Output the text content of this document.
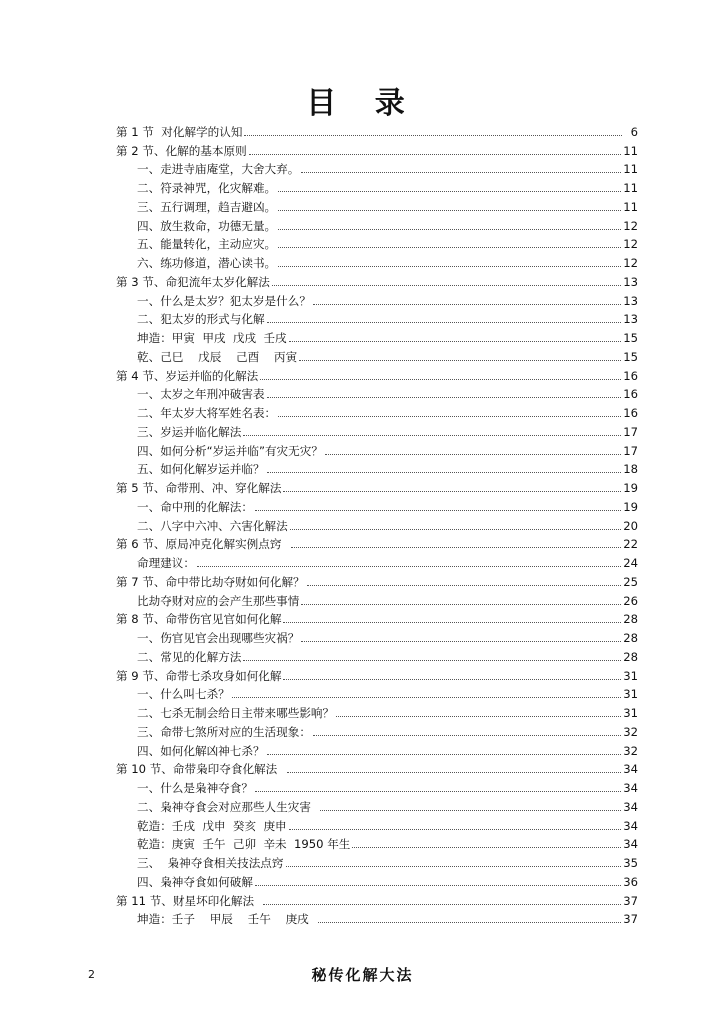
目 录
第 1 节  对化解学的认知	6
第 2 节、化解的基本原则	11
一、走进寺庙庵堂，大舍大弃。	11
二、符录神咒，化灾解难。	11
三、五行调理，趋吉避凶。	11
四、放生救命，功德无量。	12
五、能量转化，主动应灾。	12
六、练功修道，潜心读书。	12
第 3 节、命犯流年太岁化解法	13
一、什么是太岁？犯太岁是什么？	13
二、犯太岁的形式与化解	13
坤造：甲寅  甲戌  戊戌  壬戌	15
乾、己巳    戊辰    己酉    丙寅	15
第 4 节、岁运并临的化解法	16
一、太岁之年刑冲破害表	16
二、年太岁大将军姓名表：	16
三、岁运并临化解法	17
四、如何分析“岁运并临”有灾无灾？	17
五、如何化解岁运并临？	18
第 5 节、命带刑、冲、穿化解法	19
一、命中刑的化解法：	19
二、八字中六冲、六害化解法	20
第 6 节、原局冲克化解实例点窍	22
命理建议：	24
第 7 节、命中带比劫夺财如何化解？	25
比劫夺财对应的会产生那些事情	26
第 8 节、命带伤官见官如何化解	28
一、伤官见官会出现哪些灾祸？	28
二、常见的化解方法	28
第 9 节、命带七杀攻身如何化解	31
一、什么叫七杀？	31
二、七杀无制会给日主带来哪些影响？	31
三、命带七煞所对应的生活现象：	32
四、如何化解凶神七杀？	32
第 10 节、命带枭印夺食化解法	34
一、什么是枭神夺食？	34
二、枭神夺食会对应那些人生灾害	34
乾造：壬戌  戊申  癸亥  庚申	34
乾造：庚寅  壬午  己卯  辛未  1950 年生	34
三、  枭神夺食相关技法点窍	35
四、枭神夺食如何破解	36
第 11 节、财星坏印化解法	37
坤造：壬子    甲辰    壬午    庚戌	37
2	秘传化解大法
